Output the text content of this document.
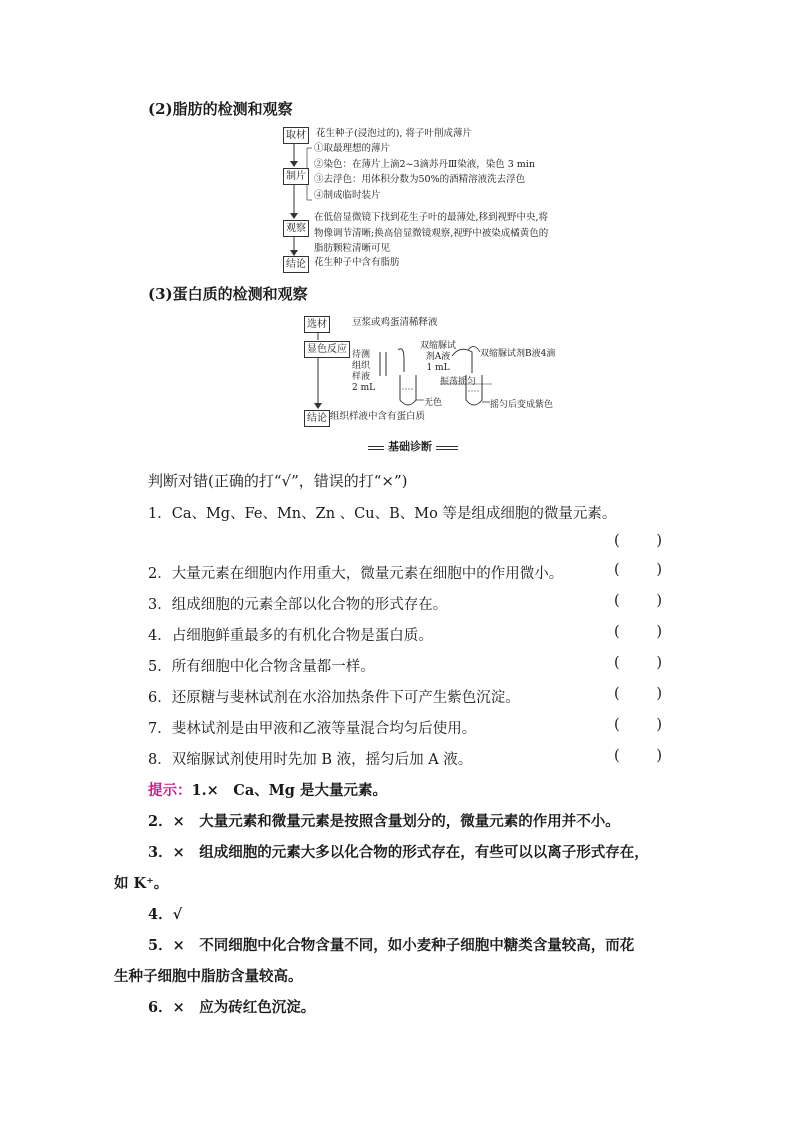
(2)脂肪的检测和观察
取材	花生种子(浸泡过的), 将子叶削成薄片
制片
①取最理想的薄片
②染色：在薄片上滴2~3滴苏丹Ⅲ染液，染色 3 min
③去浮色：用体积分数为50%的酒精溶液洗去浮色
④制成临时装片
观察
在低倍显微镜下找到花生子叶的最薄处,移到视野中央,将
物像调节清晰;换高倍显微镜观察,视野中被染成橘黄色的
脂肪颗粒清晰可见
结论 花生种子中含有脂肪
(3)蛋白质的检测和观察
选材	豆浆或鸡蛋清稀释液
显色反应 待测
组织
样液
2 mL
双缩脲试
剂A液
1 mL
振荡摇匀
无色
双缩脲试剂B液4滴
摇匀后变成紫色
结论 组织样液中含有蛋白质
基础诊断
判断对错(正确的打“√”，错误的打“×”)
1．Ca、Mg、Fe、Mn、Zn 、Cu、B、Mo 等是组成细胞的微量元素。
(	)
2．大量元素在细胞内作用重大，微量元素在细胞中的作用微小。	(	)
3．组成细胞的元素全部以化合物的形式存在。	(	)
4．占细胞鲜重最多的有机化合物是蛋白质。	(	)
5．所有细胞中化合物含量都一样。	(	)
6．还原糖与斐林试剂在水浴加热条件下可产生紫色沉淀。	(	)
7．斐林试剂是由甲液和乙液等量混合均匀后使用。	(	)
8．双缩脲试剂使用时先加 B 液，摇匀后加 A 液。	(	)
提示：1.×　Ca、Mg 是大量元素。
2．×　大量元素和微量元素是按照含量划分的，微量元素的作用并不小。
3．×　组成细胞的元素大多以化合物的形式存在，有些可以以离子形式存在，
如 K⁺。
4．√
5．×　不同细胞中化合物含量不同，如小麦种子细胞中糖类含量较高，而花
生种子细胞中脂肪含量较高。
6．×　应为砖红色沉淀。
